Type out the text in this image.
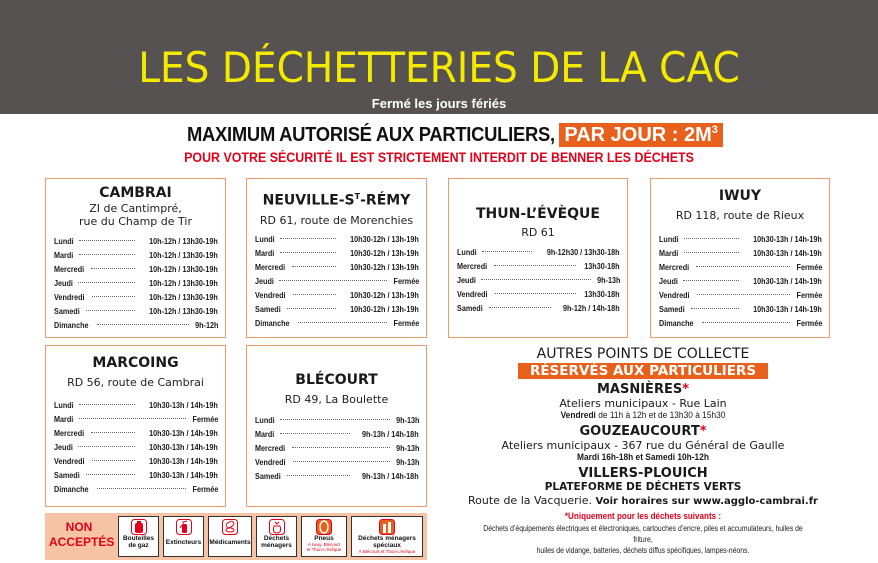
LES DÉCHETTERIES DE LA CAC
Fermé les jours fériés
MAXIMUM AUTORISÉ AUX PARTICULIERS, PAR JOUR : $2M^3$
POUR VOTRE SÉCURITÉ IL EST STRICTEMENT INTERDIT DE BENNER LES DÉCHETS
CAMBRAI
ZI de Cantimpré,
rue du Champ de Tir
Lundi	10h-12h / 13h30-19h
Mardi	10h-12h / 13h30-19h
Mercredi	10h-12h / 13h30-19h
Jeudi	10h-12h / 13h30-19h
Vendredi	10h-12h / 13h30-19h
Samedi	10h-12h / 13h30-19h
Dimanche	9h-12h
NEUVILLE-$S^T$-RÉMY
RD 61, route de Morenchies
Lundi	10h30-12h / 13h-19h
Mardi	10h30-12h / 13h-19h
Mercredi	10h30-12h / 13h-19h
Jeudi	Fermée
Vendredi	10h30-12h / 13h-19h
Samedi	10h30-12h / 13h-19h
Dimanche	Fermée
THUN-L’ÉVÈQUE
RD 61
Lundi	9h-12h30 / 13h30-18h
Mercredi	13h30-18h
Jeudi	9h-13h
Vendredi	13h30-18h
Samedi	9h-12h / 14h-18h
IWUY
RD 118, route de Rieux
Lundi	10h30-13h / 14h-19h
Mardi	10h30-13h / 14h-19h
Mercredi	Fermée
Jeudi	10h30-13h / 14h-19h
Vendredi	Fermée
Samedi	10h30-13h / 14h-19h
Dimanche	Fermée
MARCOING
RD 56, route de Cambrai
Lundi	10h30-13h / 14h-19h
Mardi	Fermée
Mercredi	10h30-13h / 14h-19h
Jeudi	10h30-13h / 14h-19h
Vendredi	10h30-13h / 14h-19h
Samedi	10h30-13h / 14h-19h
Dimanche	Fermée
BLÉCOURT
RD 49, La Boulette
Lundi	9h-13h
Mardi	9h-13h / 14h-18h
Mercredi	9h-13h
Vendredi	9h-13h
Samedi	9h-13h / 14h-18h
AUTRES POINTS DE COLLECTE
RÉSERVÉS AUX PARTICULIERS
MASNIÈRES*
Ateliers municipaux - Rue Lain
Vendredi de 11h à 12h et de 13h30 à 15h30
GOUZEAUCOURT*
Ateliers municipaux - 367 rue du Général de Gaulle
Mardi 16h-18h et Samedi 10h-12h
VILLERS-PLOUICH
PLATEFORME DE DÉCHETS VERTS
Route de la Vacquerie. Voir horaires sur www.agglo-cambrai.fr
*Uniquement pour les déchets suivants :
Déchets d’équipements électriques et électroniques, cartouches d’encre, piles et accumulateurs, huiles de friture,
huiles de vidange, batteries, déchets diffus spécifiques, lampes-néons.
NON
ACCEPTÉS	Bouteilles
de gaz	Extincteurs Médicaments
Déchets
ménagers
Pneus
À Iwuy, Blécourt
et Thun-L’évêque
Déchets ménagers
spéciaux
À Blécourt et Thun-L’évêque
